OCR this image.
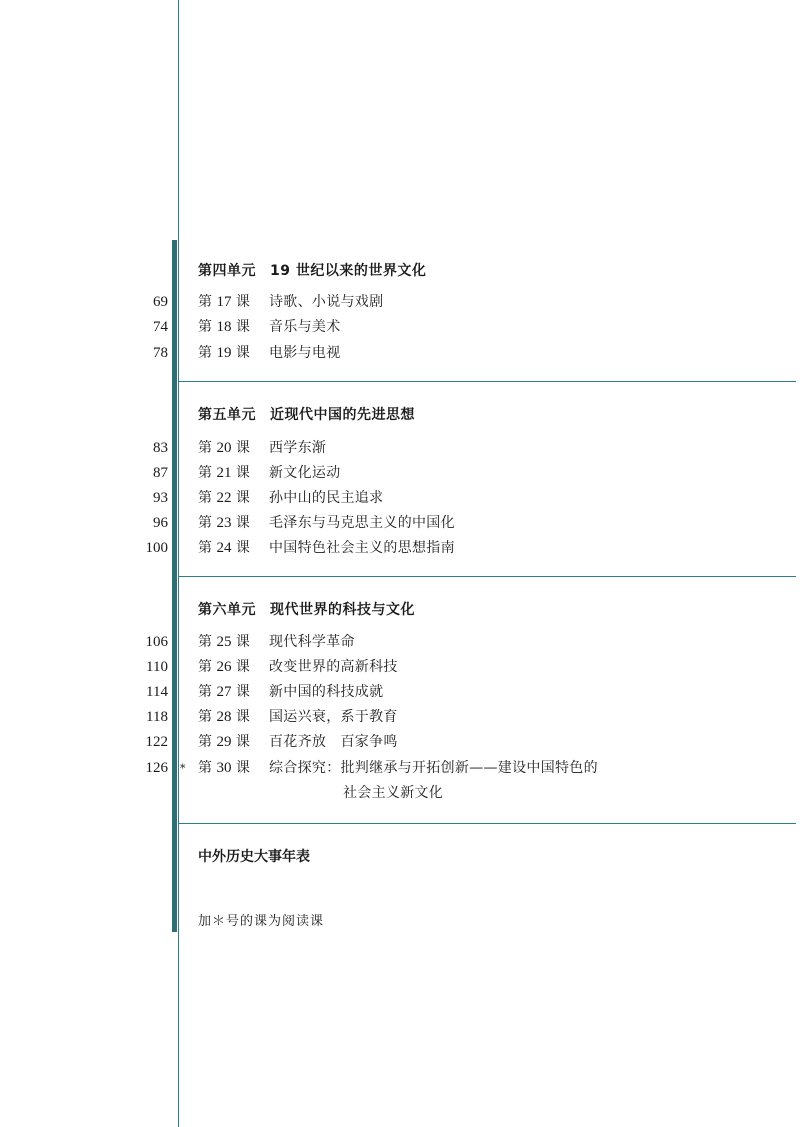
第四单元 19 世纪以来的世界文化
69 第 17 课 诗歌、小说与戏剧
74 第 18 课 音乐与美术
78 第 19 课 电影与电视
第五单元 近现代中国的先进思想
83 第 20 课 西学东渐
87 第 21 课 新文化运动
93 第 22 课 孙中山的民主追求
96 第 23 课 毛泽东与马克思主义的中国化
100 第 24 课 中国特色社会主义的思想指南
第六单元 现代世界的科技与文化
106 第 25 课 现代科学革命
110 第 26 课 改变世界的高新科技
114 第 27 课 新中国的科技成就
118 第 28 课 国运兴衰，系于教育
122 第 29 课 百花齐放　百家争鸣
126 * 第 30 课 综合探究：批判继承与开拓创新——建设中国特色的
社会主义新文化
中外历史大事年表
加＊号的课为阅读课
